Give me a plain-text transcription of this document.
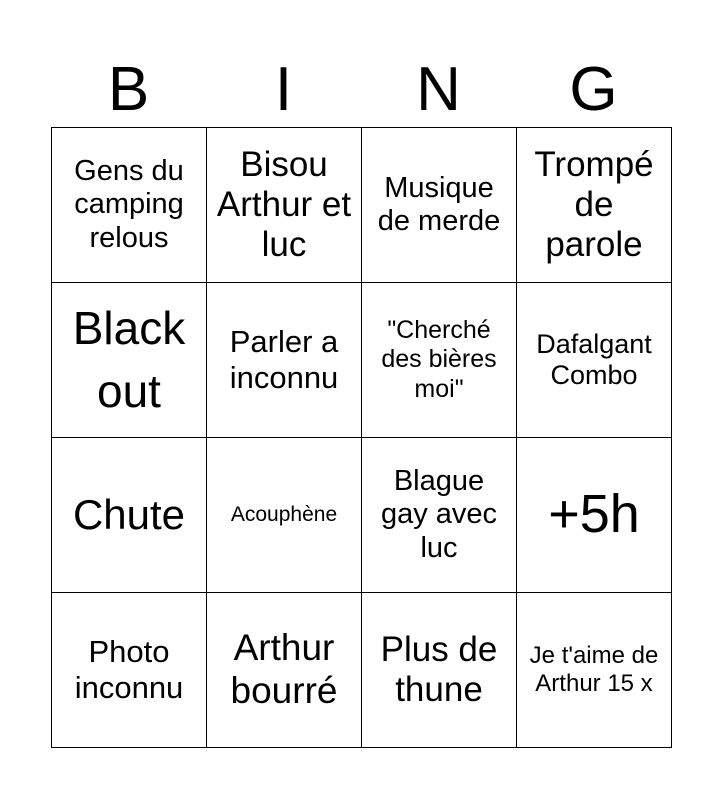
B	I	N	G
Gens du camping relous
Bisou Arthur et luc
Musique de merde
Trompé de parole
Black out
Parler a inconnu
"Cherché des bières moi"
Dafalgant Combo
Chute Acouphène
Blague gay avec luc
+5h
Photo inconnu
Arthur bourré
Plus de thune
Je t'aime de Arthur 15 x
